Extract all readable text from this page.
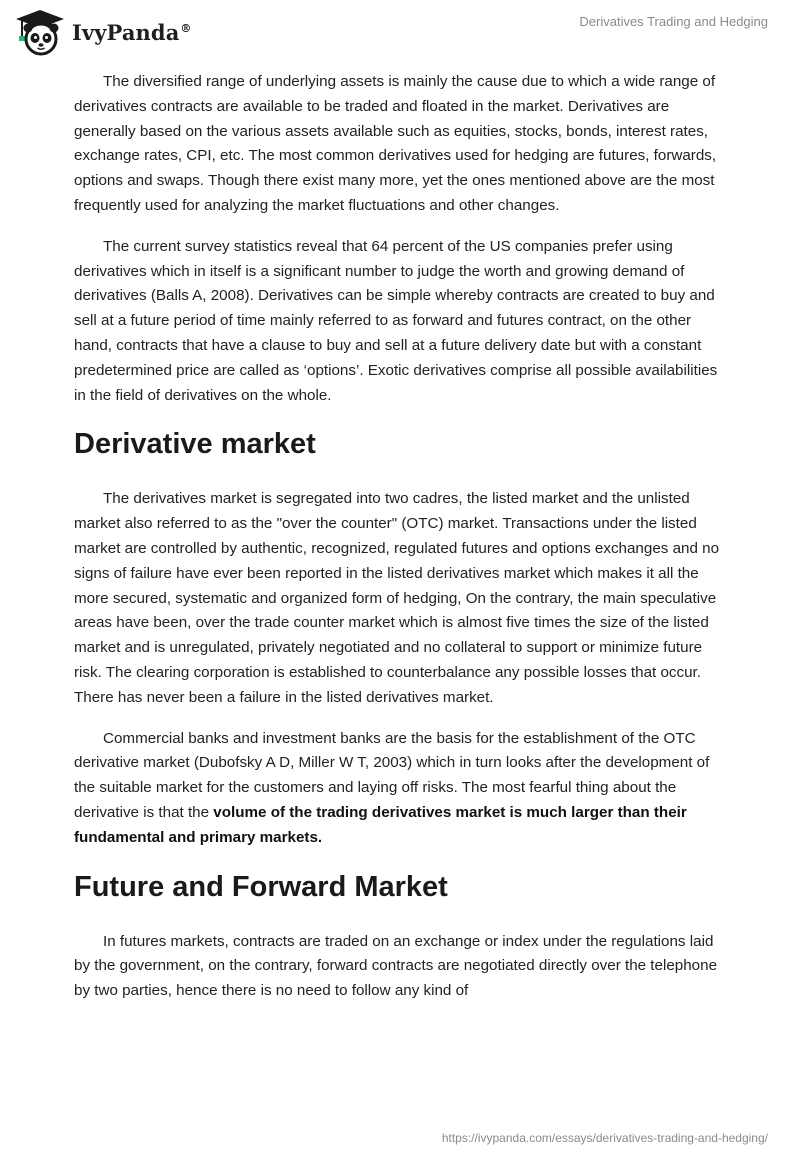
IvyPanda®	Derivatives Trading and Hedging

The diversified range of underlying assets is mainly the cause due to which a wide range of derivatives contracts are available to be traded and floated in the market. Derivatives are generally based on the various assets available such as equities, stocks, bonds, interest rates, exchange rates, CPI, etc. The most common derivatives used for hedging are futures, forwards, options and swaps. Though there exist many more, yet the ones mentioned above are the most frequently used for analyzing the market fluctuations and other changes.

The current survey statistics reveal that 64 percent of the US companies prefer using derivatives which in itself is a significant number to judge the worth and growing demand of derivatives (Balls A, 2008). Derivatives can be simple whereby contracts are created to buy and sell at a future period of time mainly referred to as forward and futures contract, on the other hand, contracts that have a clause to buy and sell at a future delivery date but with a constant predetermined price are called as ‘options’. Exotic derivatives comprise all possible availabilities in the field of derivatives on the whole.

Derivative market

The derivatives market is segregated into two cadres, the listed market and the unlisted market also referred to as the "over the counter" (OTC) market. Transactions under the listed market are controlled by authentic, recognized, regulated futures and options exchanges and no signs of failure have ever been reported in the listed derivatives market which makes it all the more secured, systematic and organized form of hedging, On the contrary, the main speculative areas have been, over the trade counter market which is almost five times the size of the listed market and is unregulated, privately negotiated and no collateral to support or minimize future risk. The clearing corporation is established to counterbalance any possible losses that occur. There has never been a failure in the listed derivatives market.

Commercial banks and investment banks are the basis for the establishment of the OTC derivative market (Dubofsky A D, Miller W T, 2003) which in turn looks after the development of the suitable market for the customers and laying off risks. The most fearful thing about the derivative is that the volume of the trading derivatives market is much larger than their fundamental and primary markets.

Future and Forward Market

In futures markets, contracts are traded on an exchange or index under the regulations laid by the government, on the contrary, forward contracts are negotiated directly over the telephone by two parties, hence there is no need to follow any kind of

https://ivypanda.com/essays/derivatives-trading-and-hedging/
